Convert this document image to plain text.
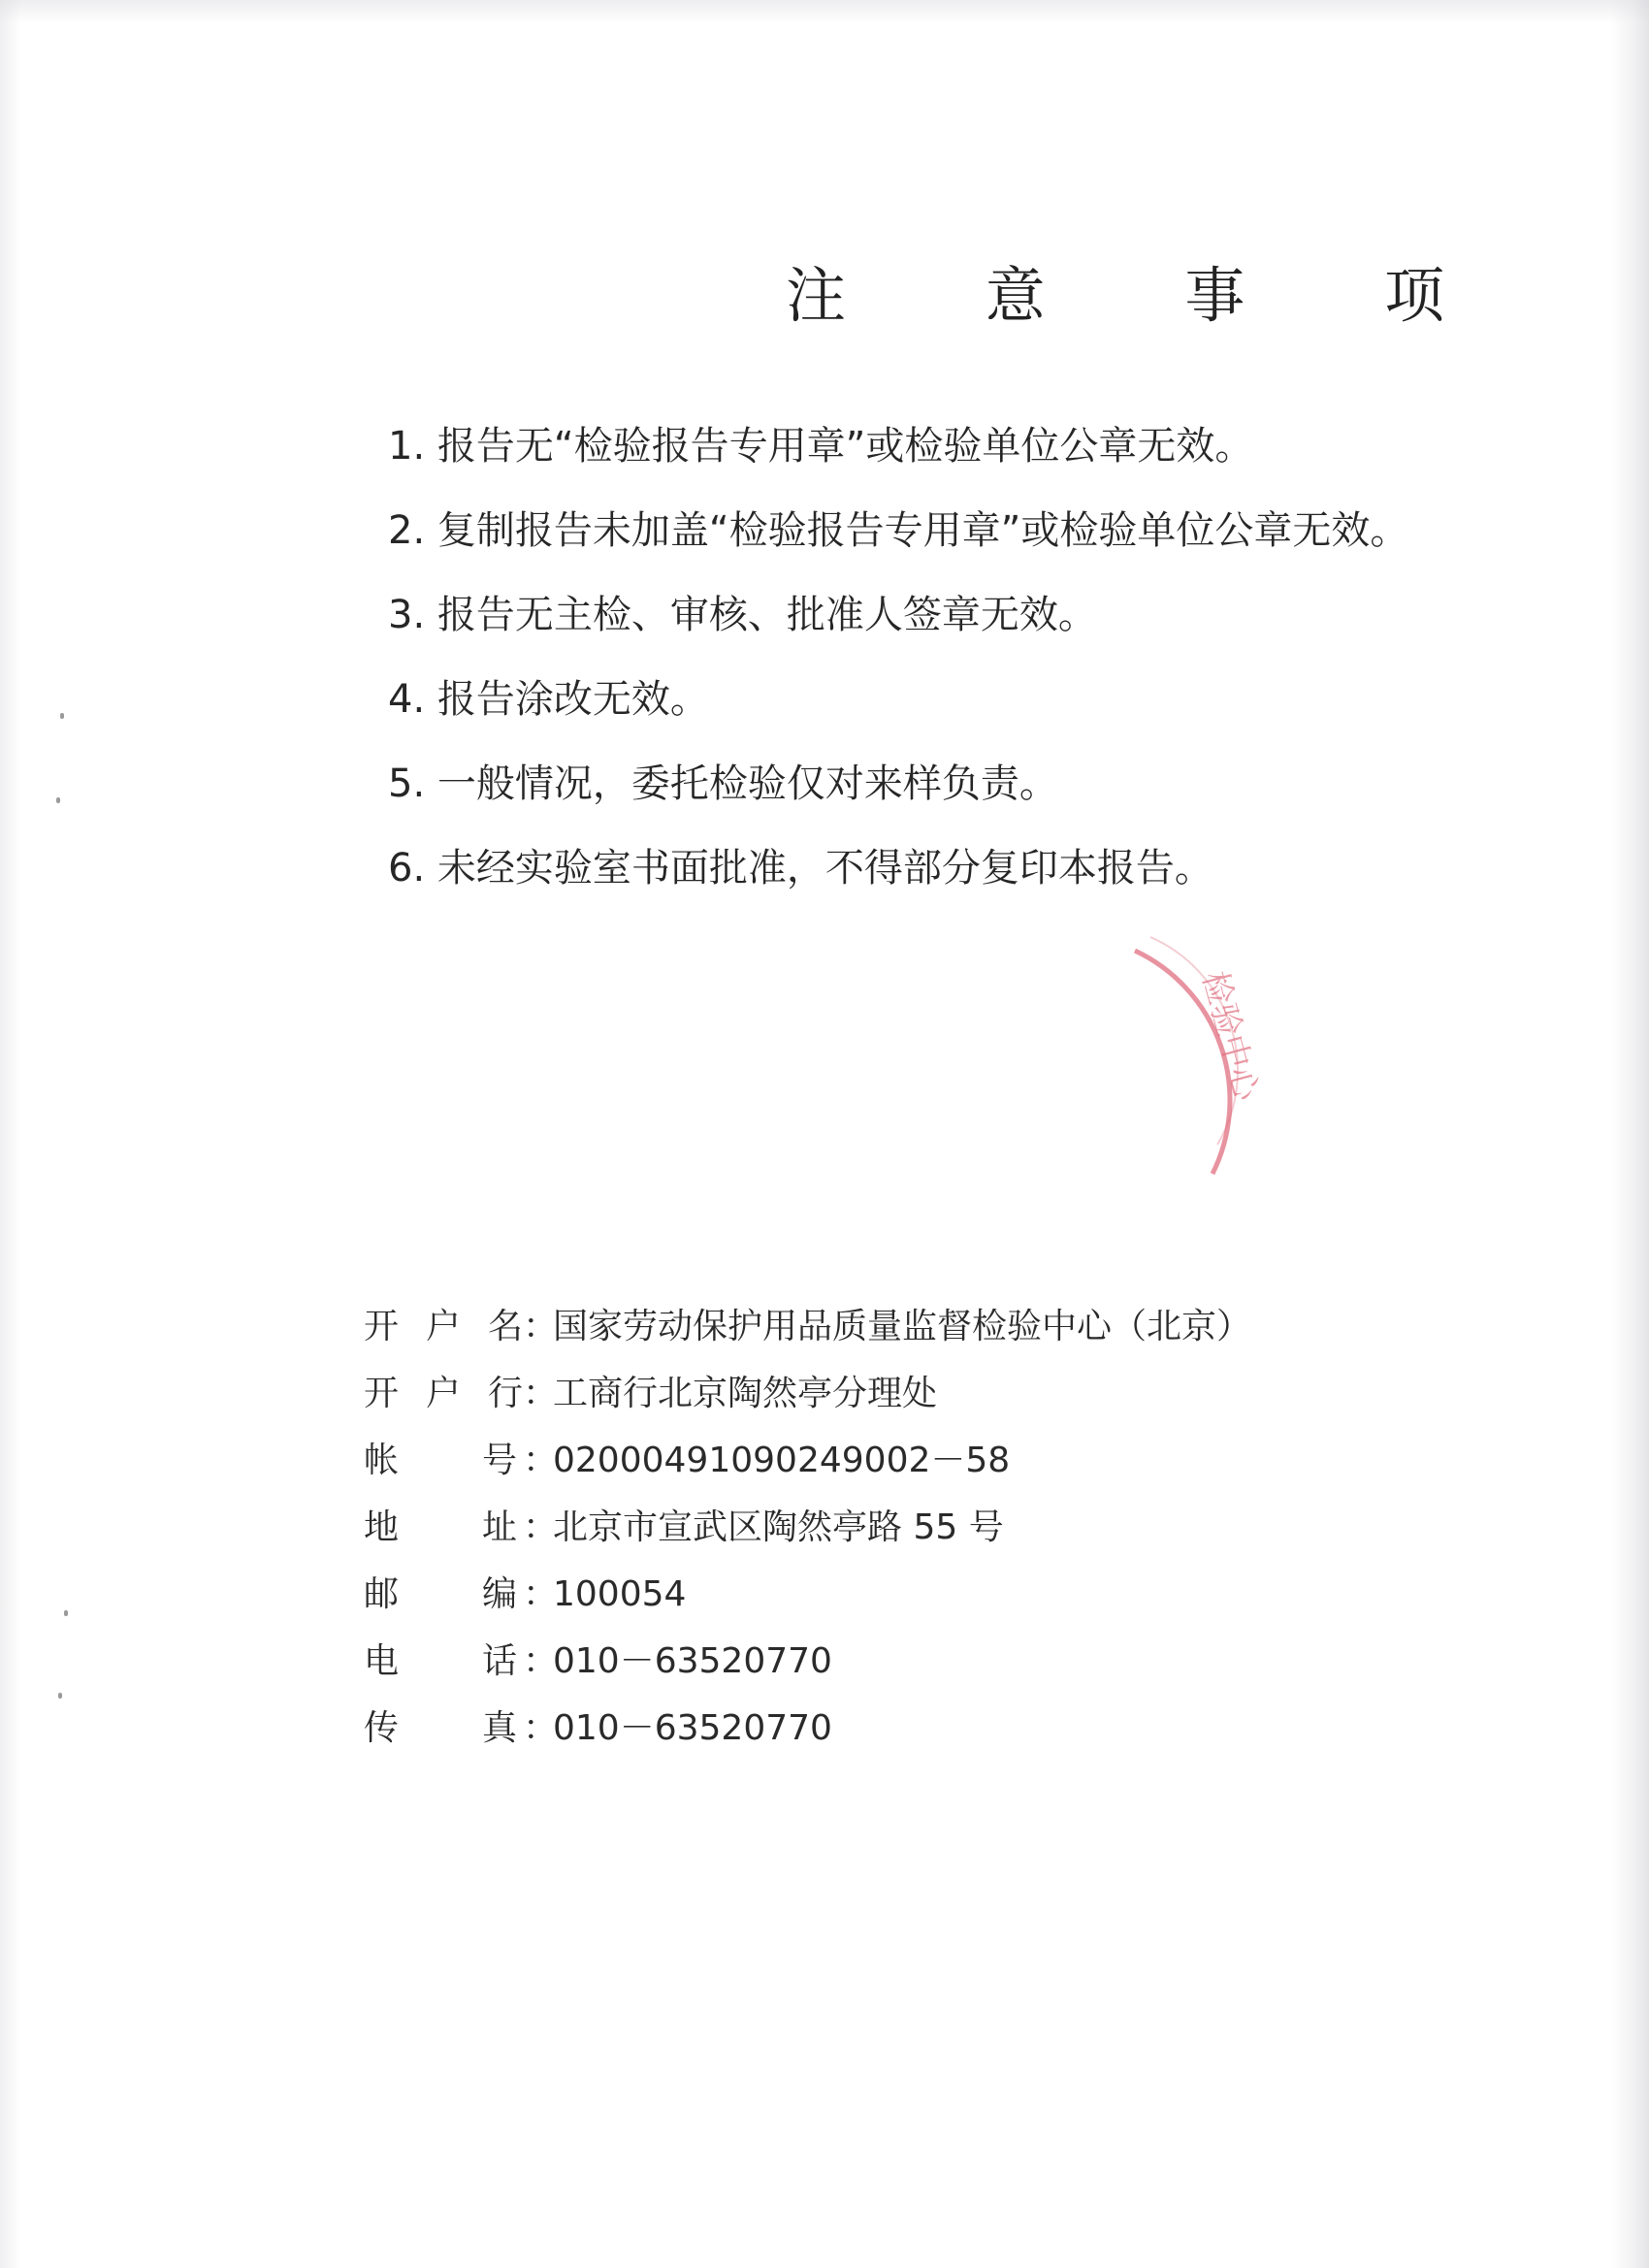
注 意 事 项
1. 报告无“检验报告专用章”或检验单位公章无效。
2. 复制报告未加盖“检验报告专用章”或检验单位公章无效。
3. 报告无主检、审核、批准人签章无效。
4. 报告涂改无效。
5. 一般情况，委托检验仅对来样负责。
6. 未经实验室书面批准，不得部分复印本报告。
检验中心
开 户 名 ：
国家劳动保护用品质量监督检验中心（北京）
开 户 行 ：
工商行北京陶然亭分理处
帐 号 ：
02000491090249002－58
地 址 ：
北京市宣武区陶然亭路 55 号
邮 编 ：
100054
电 话 ：
010－63520770
传 真 ：
010－63520770
